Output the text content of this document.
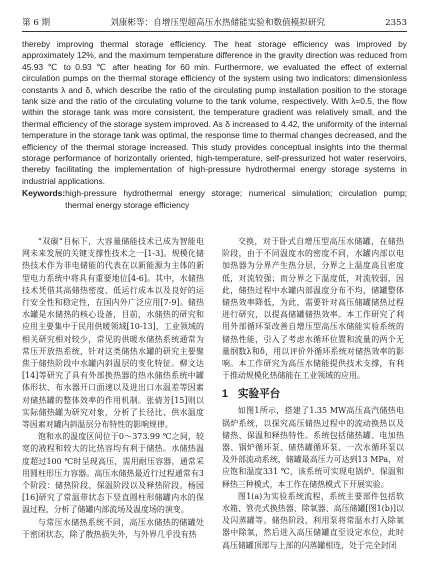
第 6 期	刘康彬等：自增压型超高压水热储能实验和数值模拟研究	2353

thereby improving thermal storage efficiency. The heat storage efficiency was improved by approximately 12%, and the maximum temperature difference in the gravity direction was reduced from 45.93 ℃ to 0.93 ℃ after heating for 60 min. Furthermore, we evaluated the effect of external circulation pumps on the thermal storage efficiency of the system using two indicators: dimensionless constants λ and δ, which describe the ratio of the circulating pump installation position to the storage tank size and the ratio of the circulating volume to the tank volume, respectively. With λ=0.5, the flow within the storage tank was more consistent, the temperature gradient was relatively small, and the thermal efficiency of the storage system improved. As δ increased to 4.42, the uniformity of the internal temperature in the storage tank was optimal, the response time to thermal changes decreased, and the efficiency of the thermal storage increased. This study provides conceptual insights into the thermal storage performance of horizontally oriented, high-temperature, self-pressurized hot water reservoirs, thereby facilitating the implementation of high-pressure hydrothermal energy storage systems in industrial applications.

Keywords: high-pressure hydrothermal energy storage; numerical simulation; circulation pump; thermal energy storage efficiency

“双碳”目标下，大容量储能技术已成为智能电网未来发展的关键支撑性技术之一[1-3]。规模化储热技术作为非电储能的代表在以新能源为主体的新型电力系统中将具有重要地位[4-6]。其中，水储热技术凭借其高储热密度、低运行成本以及良好的运行安全性和稳定性，在国内外广泛应用[7-9]。储热水罐是水储热的核心设备，目前，水储热的研究和应用主要集中于民用供暖领域[10-13]，工业领域的相关研究相对较少，常见的供暖水储热系统通常为常压开放热系统，针对这类储热水罐的研究主要聚焦于储热阶段中水罐内斜温层的变化特征。柳文达[14]等研究了具有外部换热器的热水储热系统中罐体形状、布水器开口面速以及进出口水温差等因素对储热罐的整体效率的作用机制。张倩芳[15]则以实际储热罐为研究对象，分析了长径比、供水温度等因素对罐内斜温层分布特性的影响规律。

饱和水的温度区间位于0～373.99 ℃之间，较宽的液程和较大的比热容均有利于储热。水储热温度超过100 ℃时呈现高压，需用耐压容器，通常采用圆柱形压力容器。高压水储热最近行过程通常有3个阶段：储热阶段、保温阶段以及释热阶段。杨园[16]研究了常温带状态下竖直圆柱形储罐内水的保温过程，分析了储罐内部流场及温度场的演变。

与常压水储热系统不同，高压水储热的储罐处于密闭状态，除了散热损失外，与外界几乎没有热

交换，对于卧式自增压型高压水储罐，在储热阶段，由于不同温度水的密度不同，水罐内部以电加热器为分界产生热分层，分界之上温度高且密度低，对流较强；而分界之下温度低，对流较弱，因此，储热过程中水罐内部温度分布不均，储罐整体储热效率降低，为此，需要针对高压储罐储热过程进行研究，以提高储罐储热效率。本工作研究了利用外部循环泵改善自增压型高压水储能实验系统的储热性能，引入了考虑水循环位置和流量的两个无量纲数λ和δ，用以评价外循环系统对储热效率的影响。本工作研究为高压水储能提供技术支撑，有利于推动规模化热储能在工业领域的应用。

1 实验平台

如图1所示，搭建了1.35 MW高压高汽储热电锅炉系统，以探究高压储热过程中的流动换热以及储热、保温和释热特性。系统包括储热罐、电加热器、锅炉循环泵、储热罐循环泵、一次水循环泵以及外部流动系统，储罐最高压力可达到13 MPa，对应饱和温度331 ℃，该系统可实现电锅炉、保温和释热三种模式，本工作在储热模式下开展实验。

图1(a)为实验系统流程，系统主要部件包括软水箱、管壳式换热器、除氧器、高压储罐[图1(b)]以及闪蒸罐等。储热阶段，利用泵将常温水打入除氧器中除氧，然后进入高压储罐直至设定水位，此时高压储罐顶部与上部的闪蒸罐相连，处于完全封闭
